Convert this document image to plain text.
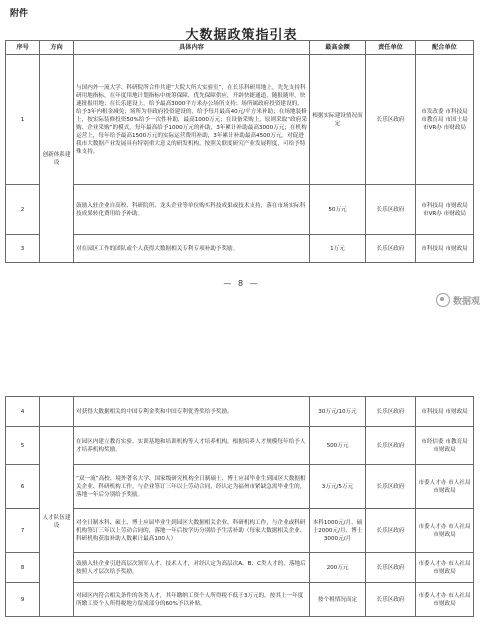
附件
大数据政策指引表
序号	方向	具体内容	最高金额	责任单位	配合单位
1	创新体系建设	与国内外一流大学、科研院所合作共建“大院大所大实验室”，在长乐科研用地上，先先支持科研用地指标，在年度用地计划指标中统筹保障，优先保障供应，开辟快捷通道，随报随审，快速批报用地；在长乐建设上，给予最高3000平方米办公场所支持；场所属政府投资建设的，给予3年内租金减免；场所为非政府投资建设的，给予每月最高40元/平方米补助；在场地装修上，按实际装修投资50%给予一次性补助，最高1000万元；在设备采购上，原则采取“政府采购、企业采购”的模式，每年最高给予1000万元的补助，3年累计补助最高3000万元；在机构运营上，每年给予最高1500万元的实际运营费用补助，3年累计补助最高4500万元。对促进我市大数据产业发展具有特别重大意义的研发机构，按照关联度研究产业发展程度，可给予特殊支持。	根据实际建设情况而定	长乐区政府	市发改委 市科技局 市教育局 市国土局 市VR办 市财政局
2		鼓励入驻企业自高校、科研院所、龙头企业等单位购买科技成果或技术支持，落在市场实际科技成果转化费用给予补助。	50万元	长乐区政府	市科技局 市财政局 市VR办 市财政局
3		对在园区工作的团队或个人获得大数据相关专利专项补助予奖励。	1万元	长乐区政府	市科技局 市财政局
— 8 —
数据观
4		对获得大数据相关的中国专利金奖和中国专利优秀奖给予奖励。	30万元/10万元	长乐区政府	市科技局 市财政局
5	人才队伍建设	在园区内建立教育实验、实训基地和培训机构等人才培养机构，根据培养人才规模每年给予人才培养机构奖励。	500万元	长乐区政府	市经信委 市教育局 市财政局
6		“双一流”高校、境外著名大学、国家级研究机构全日制硕士、博士应届毕业生到园区大数据相关企业、科研机构工作，与企业签订三年以上劳动合同，经认定为福州市紧缺急需毕业生的，落地一年后分别给予奖励。	3万元/5万元	长乐区政府	市委人才办 市人社局 市财政局
7		对全日制本科、硕士、博士应届毕业生到园区大数据相关企业、科研机构工作，与企业或科研机构签订三年以上劳动合同的，落地一年后按学历分别给予生活补助（每家大数据相关企业、科研机构获取补助人数累计最高100人）	本科1000元/月、硕士2000元/月、博士3000元/月	长乐区政府	市委人才办 市人社局 市财政局
8		鼓励入驻企业引进高层次领军人才、技术人才，对经认定为高层次A、B、C类人才的，落地后按照人才层次给予奖励。	200万元	长乐区政府	市委人才办 市人社局 市财政局
9		对园区内符合相关条件的各类人才，其年缴纳工资个人所得税不低于3万元的，按其上一年度所缴工资个人所得税地方留成部分的60%予以补贴。	按个税情况而定	长乐区政府	市委人才办 市人社局 市财政局
